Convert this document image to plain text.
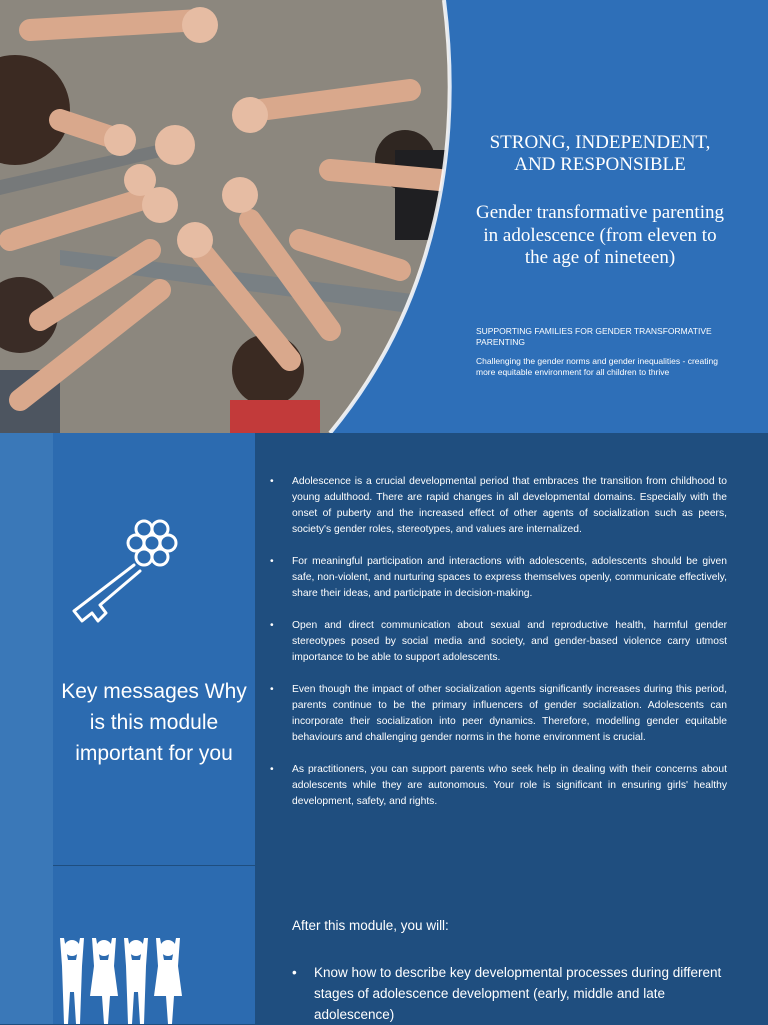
STRONG, INDEPENDENT, AND RESPONSIBLE
Gender transformative parenting in adolescence (from eleven to the age of nineteen)
SUPPORTING FAMILIES FOR GENDER TRANSFORMATIVE PARENTING
Challenging the gender norms and gender inequalities - creating more equitable environment for all children to thrive
Key messages Why is this module important for you
• Adolescence is a crucial developmental period that embraces the transition from childhood to young adulthood. There are rapid changes in all developmental domains. Especially with the onset of puberty and the increased effect of other agents of socialization such as peers, society's gender roles, stereotypes, and values are internalized.
• For meaningful participation and interactions with adolescents, adolescents should be given safe, non-violent, and nurturing spaces to express themselves openly, communicate effectively, share their ideas, and participate in decision-making.
• Open and direct communication about sexual and reproductive health, harmful gender stereotypes posed by social media and society, and gender-based violence carry utmost importance to be able to support adolescents.
• Even though the impact of other socialization agents significantly increases during this period, parents continue to be the primary influencers of gender socialization. Adolescents can incorporate their socialization into peer dynamics. Therefore, modelling gender equitable behaviours and challenging gender norms in the home environment is crucial.
• As practitioners, you can support parents who seek help in dealing with their concerns about adolescents while they are autonomous. Your role is significant in ensuring girls' healthy development, safety, and rights.
After this module, you will:
• Know how to describe key developmental processes during different stages of adolescence development (early, middle and late adolescence)
